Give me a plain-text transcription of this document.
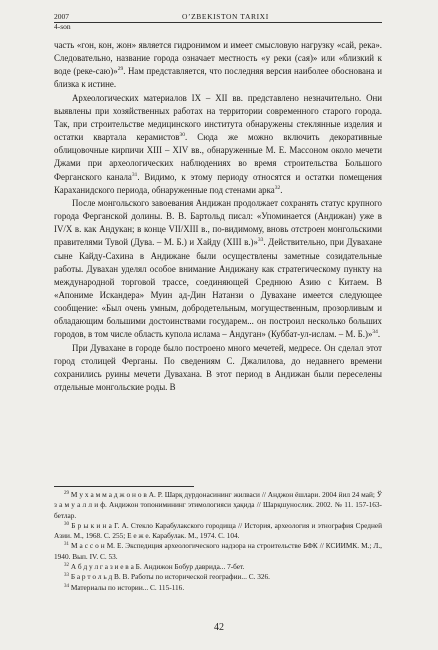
2007
4-son
O’ZBEKISTON TARIXI

часть «гон, кон, жон» является гидронимом и имеет смысловую нагрузку «сай, река». Следовательно, название города означает местность «у реки (сая)» или «близкий к воде (реке-саю)»$^{29}$. Нам представляется, что последняя версия наиболее обоснована и близка к истине.

Археологических материалов IX – XII вв. представлено незначительно. Они выявлены при хозяйственных работах на территории современного старого города. Так, при строительстве медицинского института обнаружены стеклянные изделия и остатки квартала керамистов$^{30}$. Сюда же можно включить декоративные облицовочные кирпичи XIII – XIV вв., обнаруженные М. Е. Массоном около мечети Джами при археологических наблюдениях во время строительства Большого Ферганского канала$^{31}$. Видимо, к этому периоду относятся и остатки помещения Караханидского периода, обнаруженные под стенами арка$^{32}$.

После монгольского завоевания Андижан продолжает сохранять статус крупного города Ферганской долины. В. В. Бартольд писал: «Упоминается (Андижан) уже в IV/X в. как Андукан; в конце VII/XIII в., по-видимому, вновь отстроен монгольскими правителями Тувой (Дува. – М. Б.) и Хайду (XIII в.)»$^{33}$. Действительно, при Дувахане сыне Кайду-Сахина в Андижане были осуществлены заметные созидательные работы. Дувахан уделял особое внимание Андижану как стратегическому пункту на международной торговой трассе, соединяющей Среднюю Азию с Китаем. В «Апониме Искандера» Муин ад-Дин Натанзи о Дувахане имеется следующее сообщение: «Был очень умным, добродетельным, могущественным, прозорливым и обладающим большими достоинствами государем... он построил несколько больших городов, в том числе область купола ислама – Андуган» (Куббат-ул-ислам. – М. Б.)»$^{34}$.

При Дувахане в городе было построено много мечетей, медресе. Он сделал этот город столицей Ферганы. По сведениям С. Джалилова, до недавнего времени сохранились руины мечети Дувахана. В этот период в Андижан были переселены отдельные монгольские роды. В

$^{29}$ М у х а м м а д ж о н о в А. Р. Шарқ дурдонасининг жилваси // Анджон ёшлари. 2004 йил 24 май; Ў з а м у а л л и ф. Андижон топонимининг этимологияси ҳақида // Шарқшунослик. 2002. № 11. 157-163-бетлар.

$^{30}$ Б р ы к и н а Г. А. Стекло Карабулакского городища // История, археология и этнография Средней Азии. М., 1968. С. 255; Е е ж е. Карабулак. М., 1974. С. 104.

$^{31}$ М а с с о н М. Е. Экспедиция археологического надзора на строительстве БФК // КСИИМК. М.; Л., 1940. Вып. IV. С. 53.

$^{32}$ А б д у л г а з и е в а Б. Андижон Бобур даврида... 7-бет.

$^{33}$ Б а р т о л ь д В. В. Работы по исторической географии... С. 326.

$^{34}$ Материалы по истории... С. 115-116.

42
